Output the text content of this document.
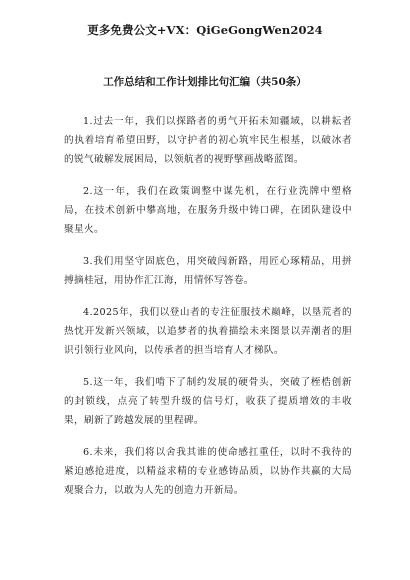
更多免费公文+VX：QiGeGongWen2024
工作总结和工作计划排比句汇编（共50条）

1.过去一年，我们以探路者的勇气开拓未知疆域，以耕耘者的执着培育希望田野，以守护者的初心筑牢民生根基，以破冰者的锐气破解发展困局，以领航者的视野擘画战略蓝图。

2.这一年，我们在政策调整中谋先机，在行业洗牌中塑格局，在技术创新中攀高地，在服务升级中铸口碑，在团队建设中聚星火。

3.我们用坚守固底色，用突破闯新路，用匠心琢精品，用拼搏摘桂冠，用协作汇江海，用情怀写答卷。

4.2025年，我们以登山者的专注征服技术巅峰，以垦荒者的热忱开发新兴领域，以追梦者的执着描绘未来图景以弄潮者的胆识引领行业风向，以传承者的担当培育人才梯队。

5.这一年，我们啃下了制约发展的硬骨头，突破了桎梏创新的封锁线，点亮了转型升级的信号灯，收获了提质增效的丰收果，刷新了跨越发展的里程碑。

6.未来，我们将以舍我其谁的使命感扛重任，以时不我待的紧迫感抢进度，以精益求精的专业感铸品质，以协作共赢的大局观聚合力，以敢为人先的创造力开新局。
